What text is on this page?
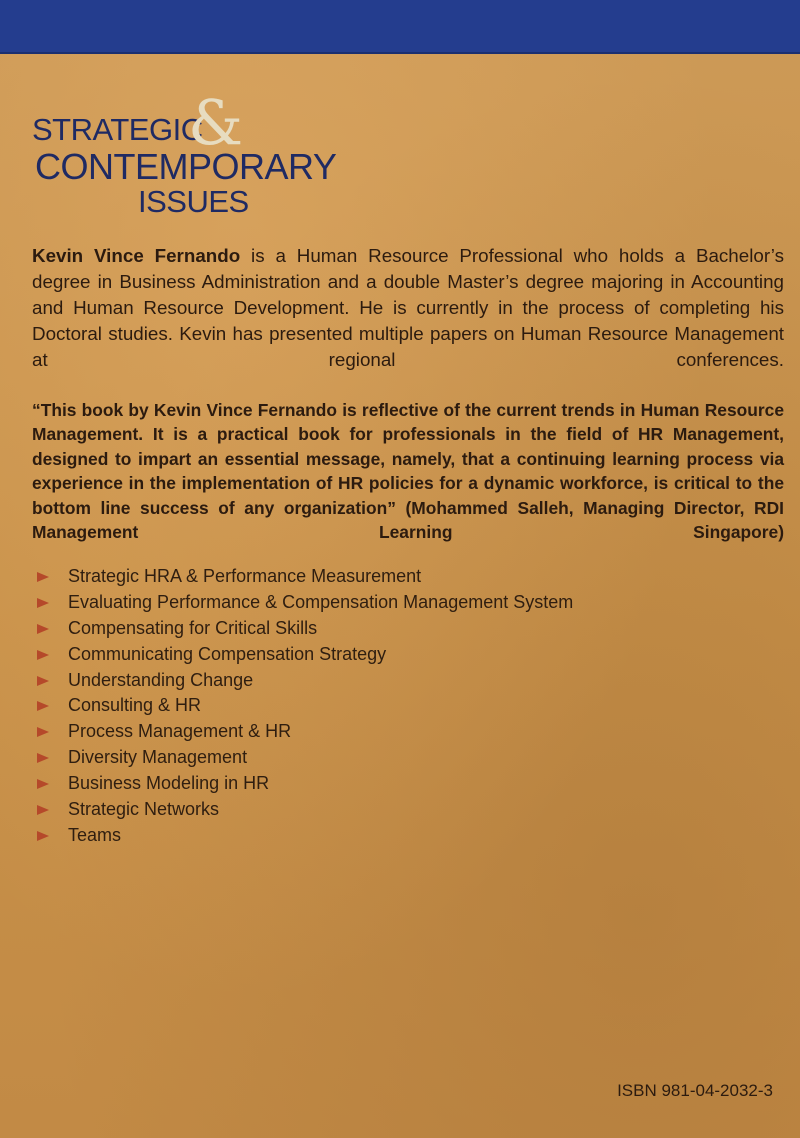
STRATEGIC
&
CONTEMPORARY
ISSUES

Kevin Vince Fernando is a Human Resource Professional who holds a Bachelor’s degree in Business Administration and a double Master’s degree majoring in Accounting and Human Resource Development. He is currently in the process of completing his Doctoral studies. Kevin has presented multiple papers on Human Resource Management at regional conferences.

“This book by Kevin Vince Fernando is reflective of the current trends in Human Resource Management. It is a practical book for professionals in the field of HR Management, designed to impart an essential message, namely, that a continuing learning process via experience in the implementation of HR policies for a dynamic workforce, is critical to the bottom line success of any organization” (Mohammed Salleh, Managing Director, RDI Management Learning Singapore)

Strategic HRA & Performance Measurement
Evaluating Performance & Compensation Management System
Compensating for Critical Skills
Communicating Compensation Strategy
Understanding Change
Consulting & HR
Process Management & HR
Diversity Management
Business Modeling in HR
Strategic Networks
Teams
ISBN 981-04-2032-3
